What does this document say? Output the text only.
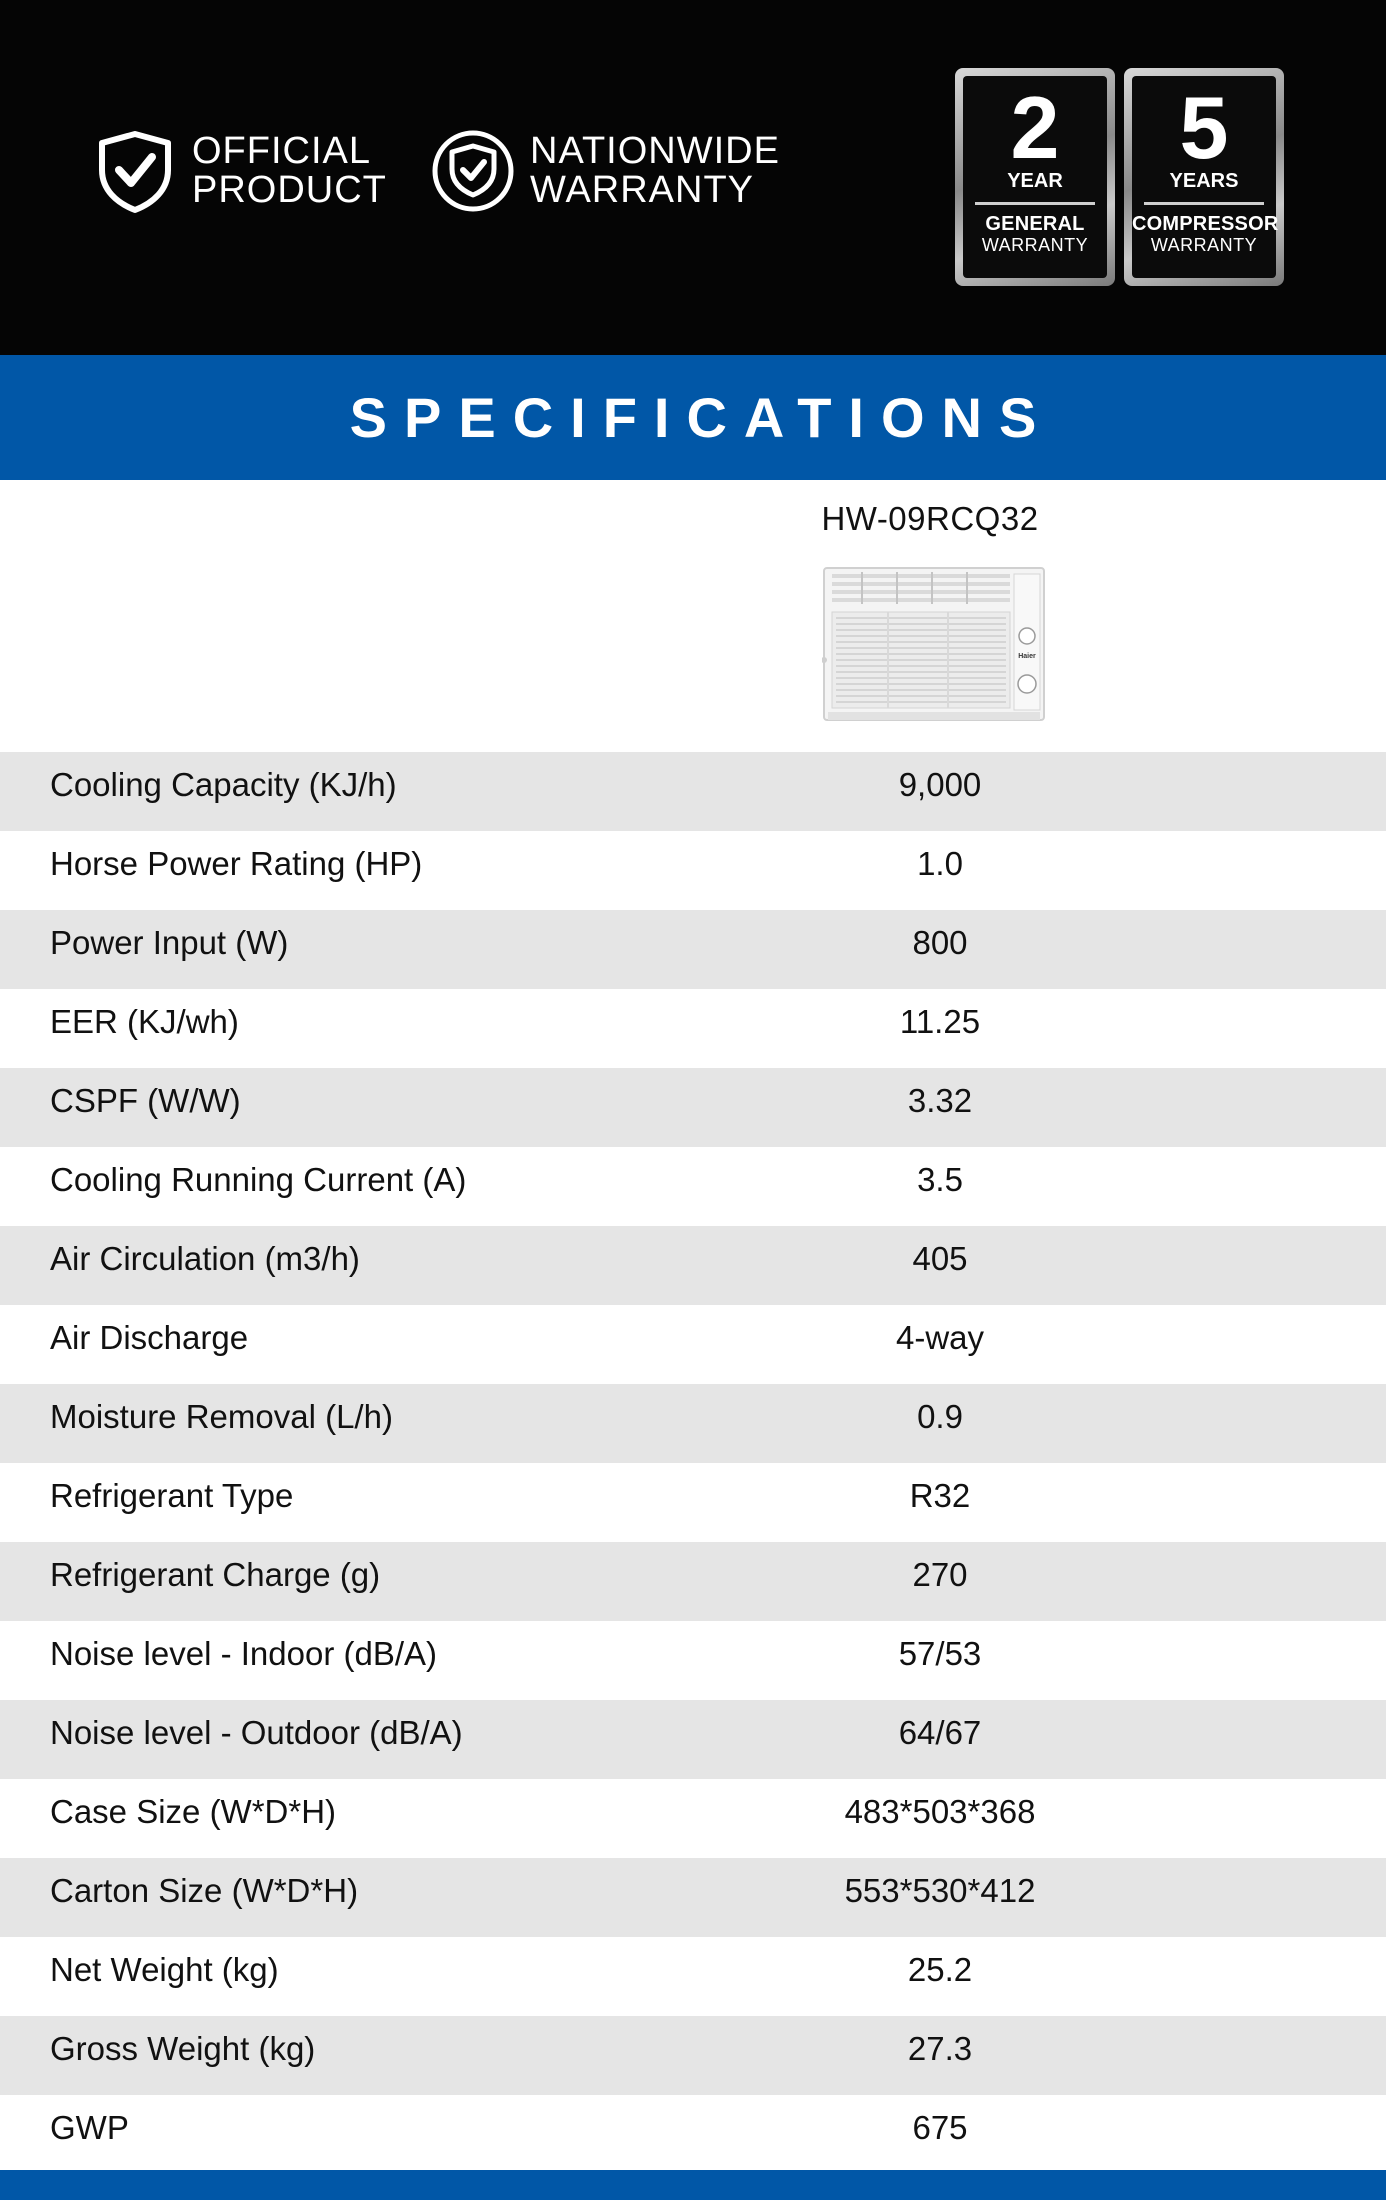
OFFICIAL
PRODUCT
NATIONWIDE
WARRANTY
2
YEAR
GENERAL
WARRANTY
5
YEARS
COMPRESSOR
WARRANTY
SPECIFICATIONS
HW-09RCQ32
Haier
Cooling Capacity (KJ/h)	9,000
Horse Power Rating (HP)	1.0
Power Input (W)	800
EER (KJ/wh)	11.25
CSPF (W/W)	3.32
Cooling Running Current (A)	3.5
Air Circulation (m3/h)	405
Air Discharge	4-way
Moisture Removal (L/h)	0.9
Refrigerant Type	R32
Refrigerant Charge (g)	270
Noise level - Indoor (dB/A)	57/53
Noise level - Outdoor (dB/A)	64/67
Case Size (W*D*H)	483*503*368
Carton Size (W*D*H)	553*530*412
Net Weight (kg)	25.2
Gross Weight (kg)	27.3
GWP	675
